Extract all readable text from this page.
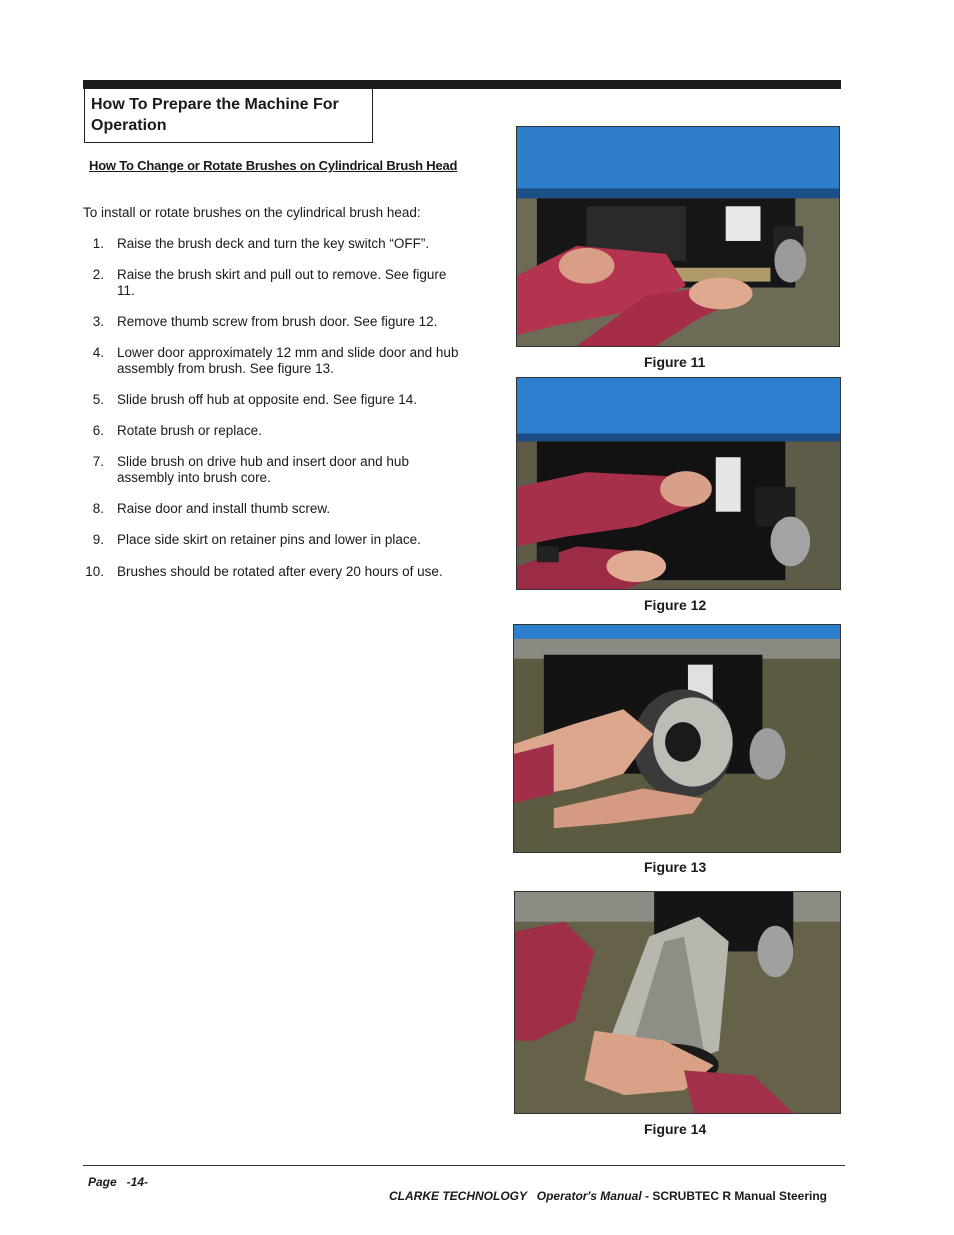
How To Prepare the Machine For Operation
How To Change or Rotate Brushes on Cylindrical Brush Head
To install or rotate brushes on the cylindrical brush head:
1. Raise the brush deck and turn the key switch “OFF”.
2. Raise the brush skirt and pull out to remove. See figure 11.
3. Remove thumb screw from brush door. See figure 12.
4. Lower door approximately 12 mm and slide door and hub assembly from brush. See figure 13.
5. Slide brush off hub at opposite end. See figure 14.
6. Rotate brush or replace.
7. Slide brush on drive hub and insert door and hub assembly into brush core.
8. Raise door and install thumb screw.
9. Place side skirt on retainer pins and lower in place.
10. Brushes should be rotated after every 20 hours of use.
Figure 11
Figure 12
Figure 13
Figure 14
Page   -14-

CLARKE TECHNOLOGY   Operator's Manual - SCRUBTEC R Manual Steering
